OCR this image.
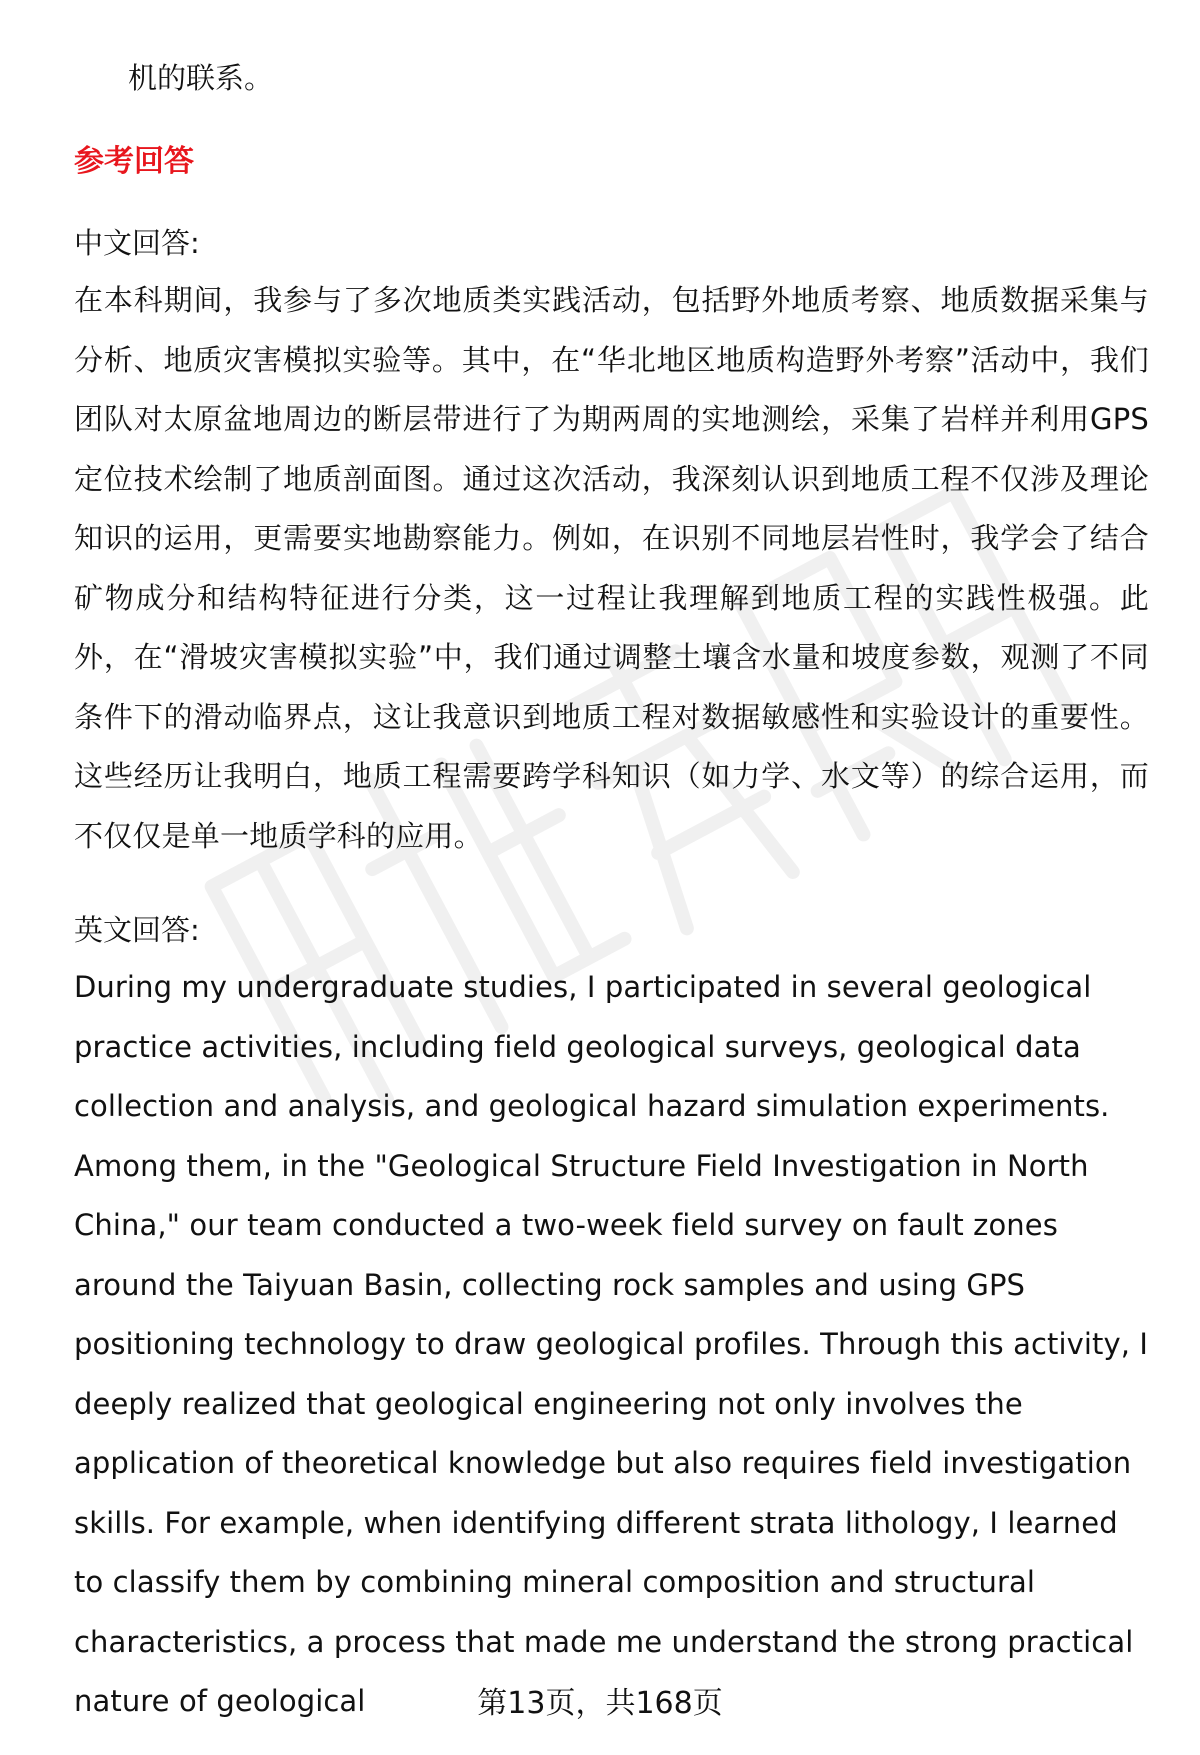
机的联系。

参考回答

中文回答:

在本科期间，我参与了多次地质类实践活动，包括野外地质考察、地质数据采集与分析、地质灾害模拟实验等。其中，在“华北地区地质构造野外考察”活动中，我们团队对太原盆地周边的断层带进行了为期两周的实地测绘，采集了岩样并利用GPS定位技术绘制了地质剖面图。通过这次活动，我深刻认识到地质工程不仅涉及理论知识的运用，更需要实地勘察能力。例如，在识别不同地层岩性时，我学会了结合矿物成分和结构特征进行分类，这一过程让我理解到地质工程的实践性极强。此外，在“滑坡灾害模拟实验”中，我们通过调整土壤含水量和坡度参数，观测了不同条件下的滑动临界点，这让我意识到地质工程对数据敏感性和实验设计的重要性。这些经历让我明白，地质工程需要跨学科知识（如力学、水文等）的综合运用，而不仅仅是单一地质学科的应用。

英文回答:

During my undergraduate studies, I participated in several geological practice activities, including field geological surveys, geological data collection and analysis, and geological hazard simulation experiments. Among them, in the "Geological Structure Field Investigation in North China," our team conducted a two-week field survey on fault zones around the Taiyuan Basin, collecting rock samples and using GPS positioning technology to draw geological profiles. Through this activity, I deeply realized that geological engineering not only involves the application of theoretical knowledge but also requires field investigation skills. For example, when identifying different strata lithology, I learned to classify them by combining mineral composition and structural characteristics, a process that made me understand the strong practical nature of geological	第13页，共168页
